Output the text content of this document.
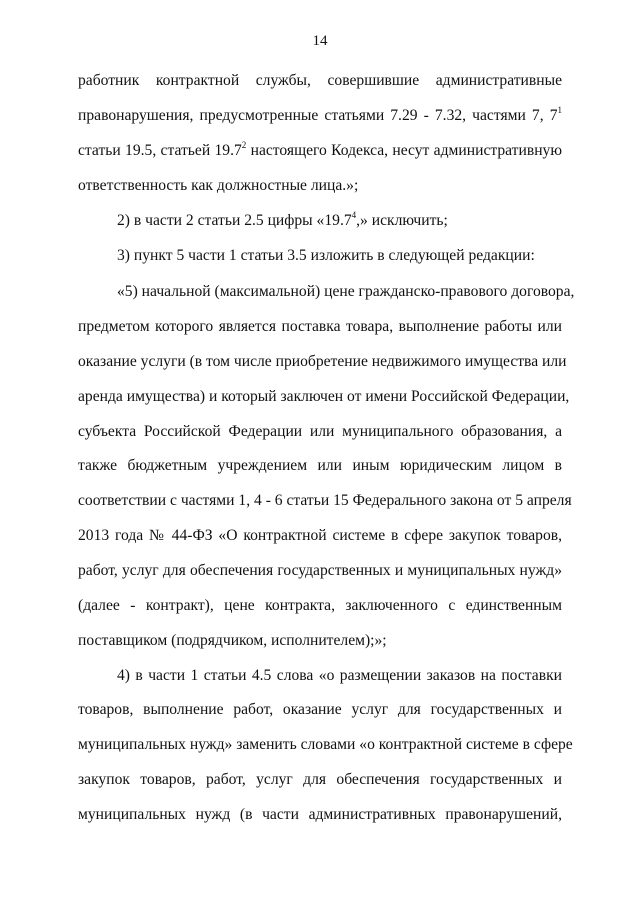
14
работник контрактной службы, совершившие административные
правонарушения, предусмотренные статьями 7.29 - 7.32, частями 7, $7^1$
статьи 19.5, статьей 19.7$^2$ настоящего Кодекса, несут административную
ответственность как должностные лица.»;
2) в части 2 статьи 2.5 цифры «19.7$^4$,» исключить;
3) пункт 5 части 1 статьи 3.5 изложить в следующей редакции:
«5) начальной (максимальной) цене гражданско-правового договора,
предметом которого является поставка товара, выполнение работы или
оказание услуги (в том числе приобретение недвижимого имущества или
аренда имущества) и который заключен от имени Российской Федерации,
субъекта Российской Федерации или муниципального образования, а
также бюджетным учреждением или иным юридическим лицом в
соответствии с частями 1, 4 - 6 статьи 15 Федерального закона от 5 апреля
2013 года № 44-ФЗ «О контрактной системе в сфере закупок товаров,
работ, услуг для обеспечения государственных и муниципальных нужд»
(далее - контракт), цене контракта, заключенного с единственным
поставщиком (подрядчиком, исполнителем);»;
4) в части 1 статьи 4.5 слова «о размещении заказов на поставки
товаров, выполнение работ, оказание услуг для государственных и
муниципальных нужд» заменить словами «о контрактной системе в сфере
закупок товаров, работ, услуг для обеспечения государственных и
муниципальных нужд (в части административных правонарушений,
